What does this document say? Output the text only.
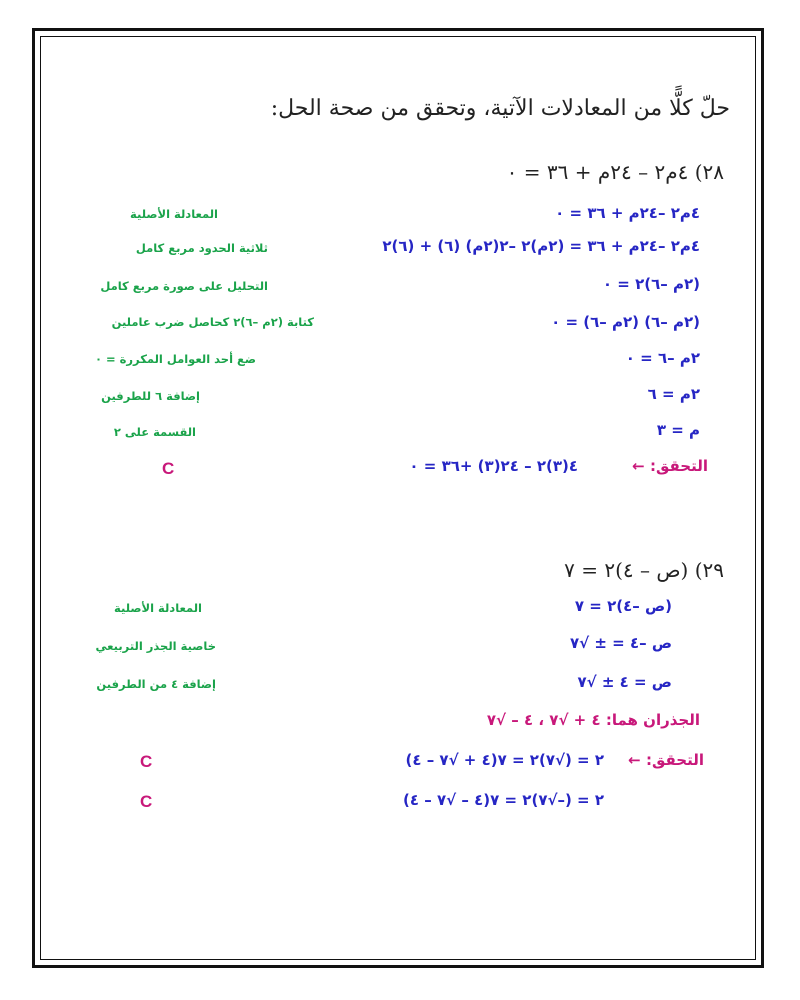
حلّ كلًّا من المعادلات الآتية، وتحقق من صحة الحل:
٢٨) ٤م٢ – ٢٤م + ٣٦ = ٠
٤م٢ –٢٤م + ٣٦ = ٠
المعادلة الأصلية
٤م٢ –٢٤م + ٣٦ = (٢م)٢ –٢(٢م) (٦) + (٦)٢
ثلاثية الحدود مربع كامل
(٢م –٦)٢ = ٠
التحليل على صورة مربع كامل
(٢م –٦) (٢م –٦) = ٠
كتابة (٢م –٦)٢ كحاصل ضرب عاملين
٢م –٦ = ٠
ضع أحد العوامل المكررة = ٠
٢م = ٦
إضافة ٦ للطرفين
م = ٣
القسمة على ٢
التحقق: ←
٤(٣)٢ – ٢٤(٣) +٣٦ = ٠
C
٢٩) (ص – ٤)٢ = ٧
(ص –٤)٢ = ٧
المعادلة الأصلية
ص –٤ = ± √٧
خاصية الجذر التربيعي
ص = ٤ ± √٧
إضافة ٤ من الطرفين
الجذران هما: ٤ + √٧ ، ٤ – √٧
التحقق: ←
(٤ + √٧ – ٤)٢ = (√٧)٢ = ٧
C
(٤ – √٧ – ٤)٢ = (–√٧)٢ = ٧
C
